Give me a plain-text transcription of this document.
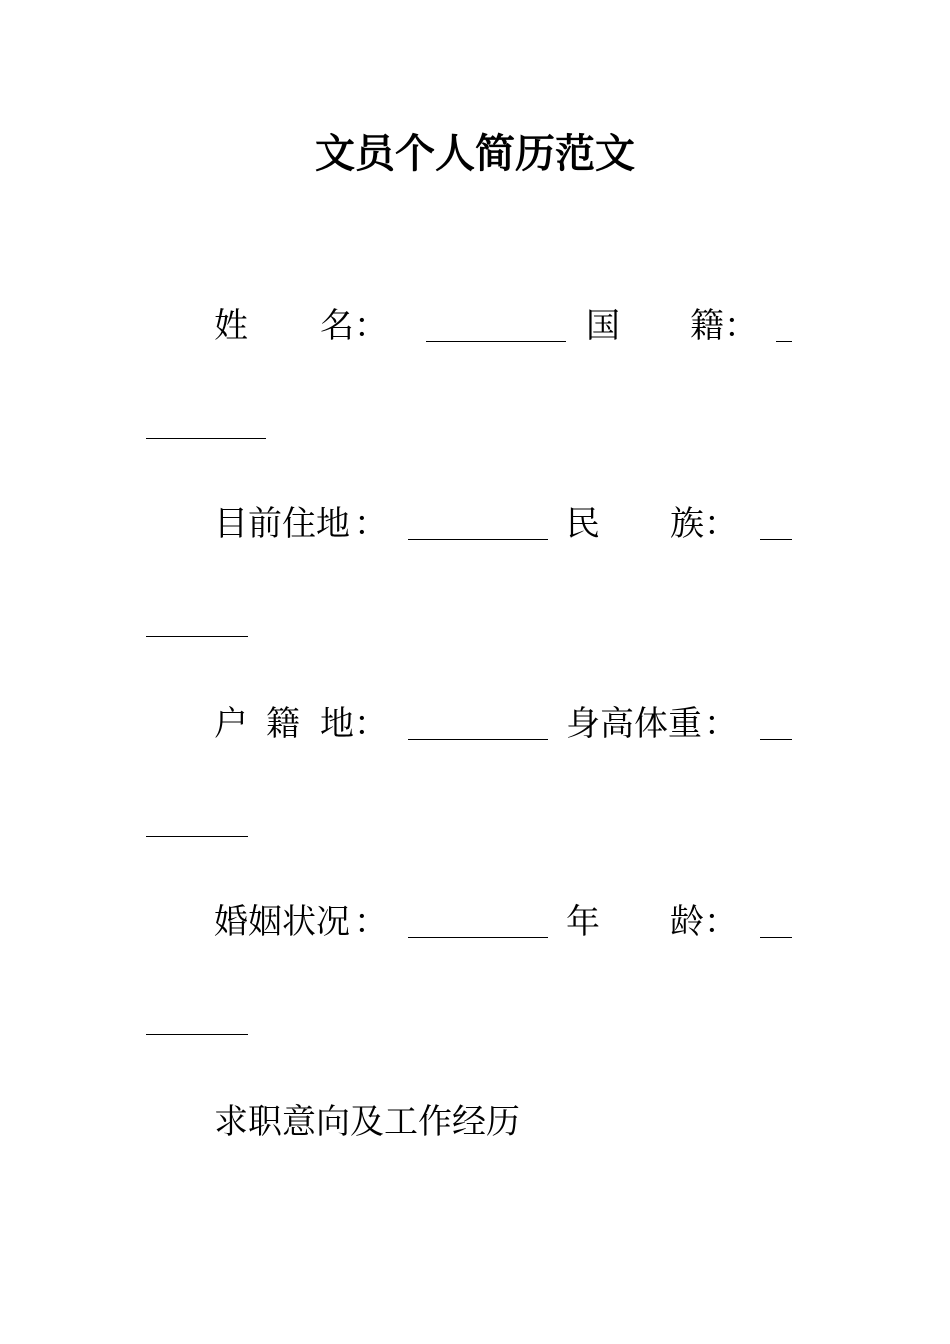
文员个人简历范文
姓 名 ：	国 籍 ：
目前住地 ：	民 族 ：
户 籍 地 ：	身高体重 ：
婚姻状况 ：	年 龄 ：
求职意向及工作经历
